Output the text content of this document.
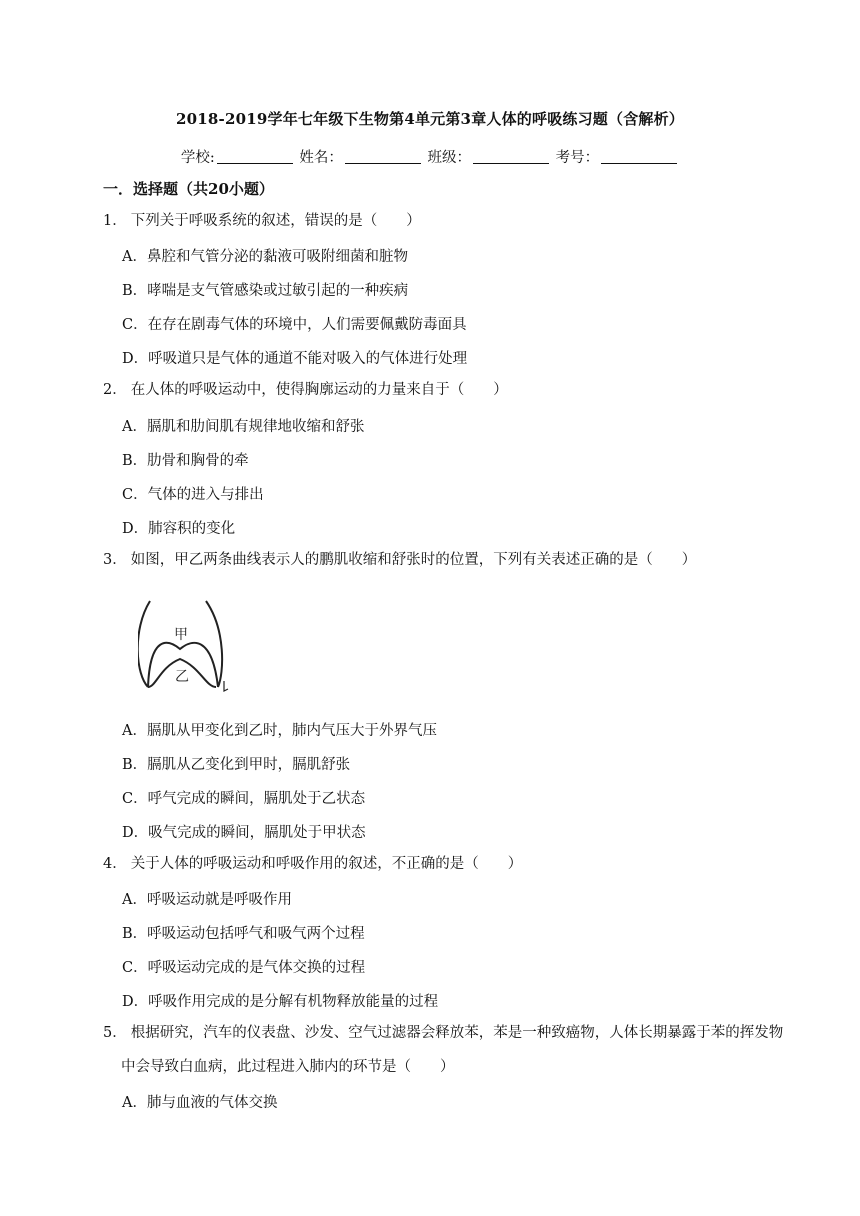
2018-2019学年七年级下生物第4单元第3章人体的呼吸练习题（含解析）
学校:	姓名：	班级：	考号：
一．选择题（共20小题）
1． 下列关于呼吸系统的叙述，错误的是（　　）
A．鼻腔和气管分泌的黏液可吸附细菌和脏物
B．哮喘是支气管感染或过敏引起的一种疾病
C．在存在剧毒气体的环境中，人们需要佩戴防毒面具
D．呼吸道只是气体的通道不能对吸入的气体进行处理
2． 在人体的呼吸运动中，使得胸廓运动的力量来自于（　　）
A．膈肌和肋间肌有规律地收缩和舒张
B．肋骨和胸骨的牵
C．气体的进入与排出
D．肺容积的变化
3． 如图，甲乙两条曲线表示人的鹏肌收缩和舒张时的位置，下列有关表述正确的是（　　）
甲
乙
A．膈肌从甲变化到乙时，肺内气压大于外界气压
B．膈肌从乙变化到甲时，膈肌舒张
C．呼气完成的瞬间，膈肌处于乙状态
D．吸气完成的瞬间，膈肌处于甲状态
4． 关于人体的呼吸运动和呼吸作用的叙述，不正确的是（　　）
A．呼吸运动就是呼吸作用
B．呼吸运动包括呼气和吸气两个过程
C．呼吸运动完成的是气体交换的过程
D．呼吸作用完成的是分解有机物释放能量的过程
5． 根据研究，汽车的仪表盘、沙发、空气过滤器会释放苯，苯是一种致癌物，人体长期暴露于苯的挥发物中会导致白血病，此过程进入肺内的环节是（　　）
A．肺与血液的气体交换
